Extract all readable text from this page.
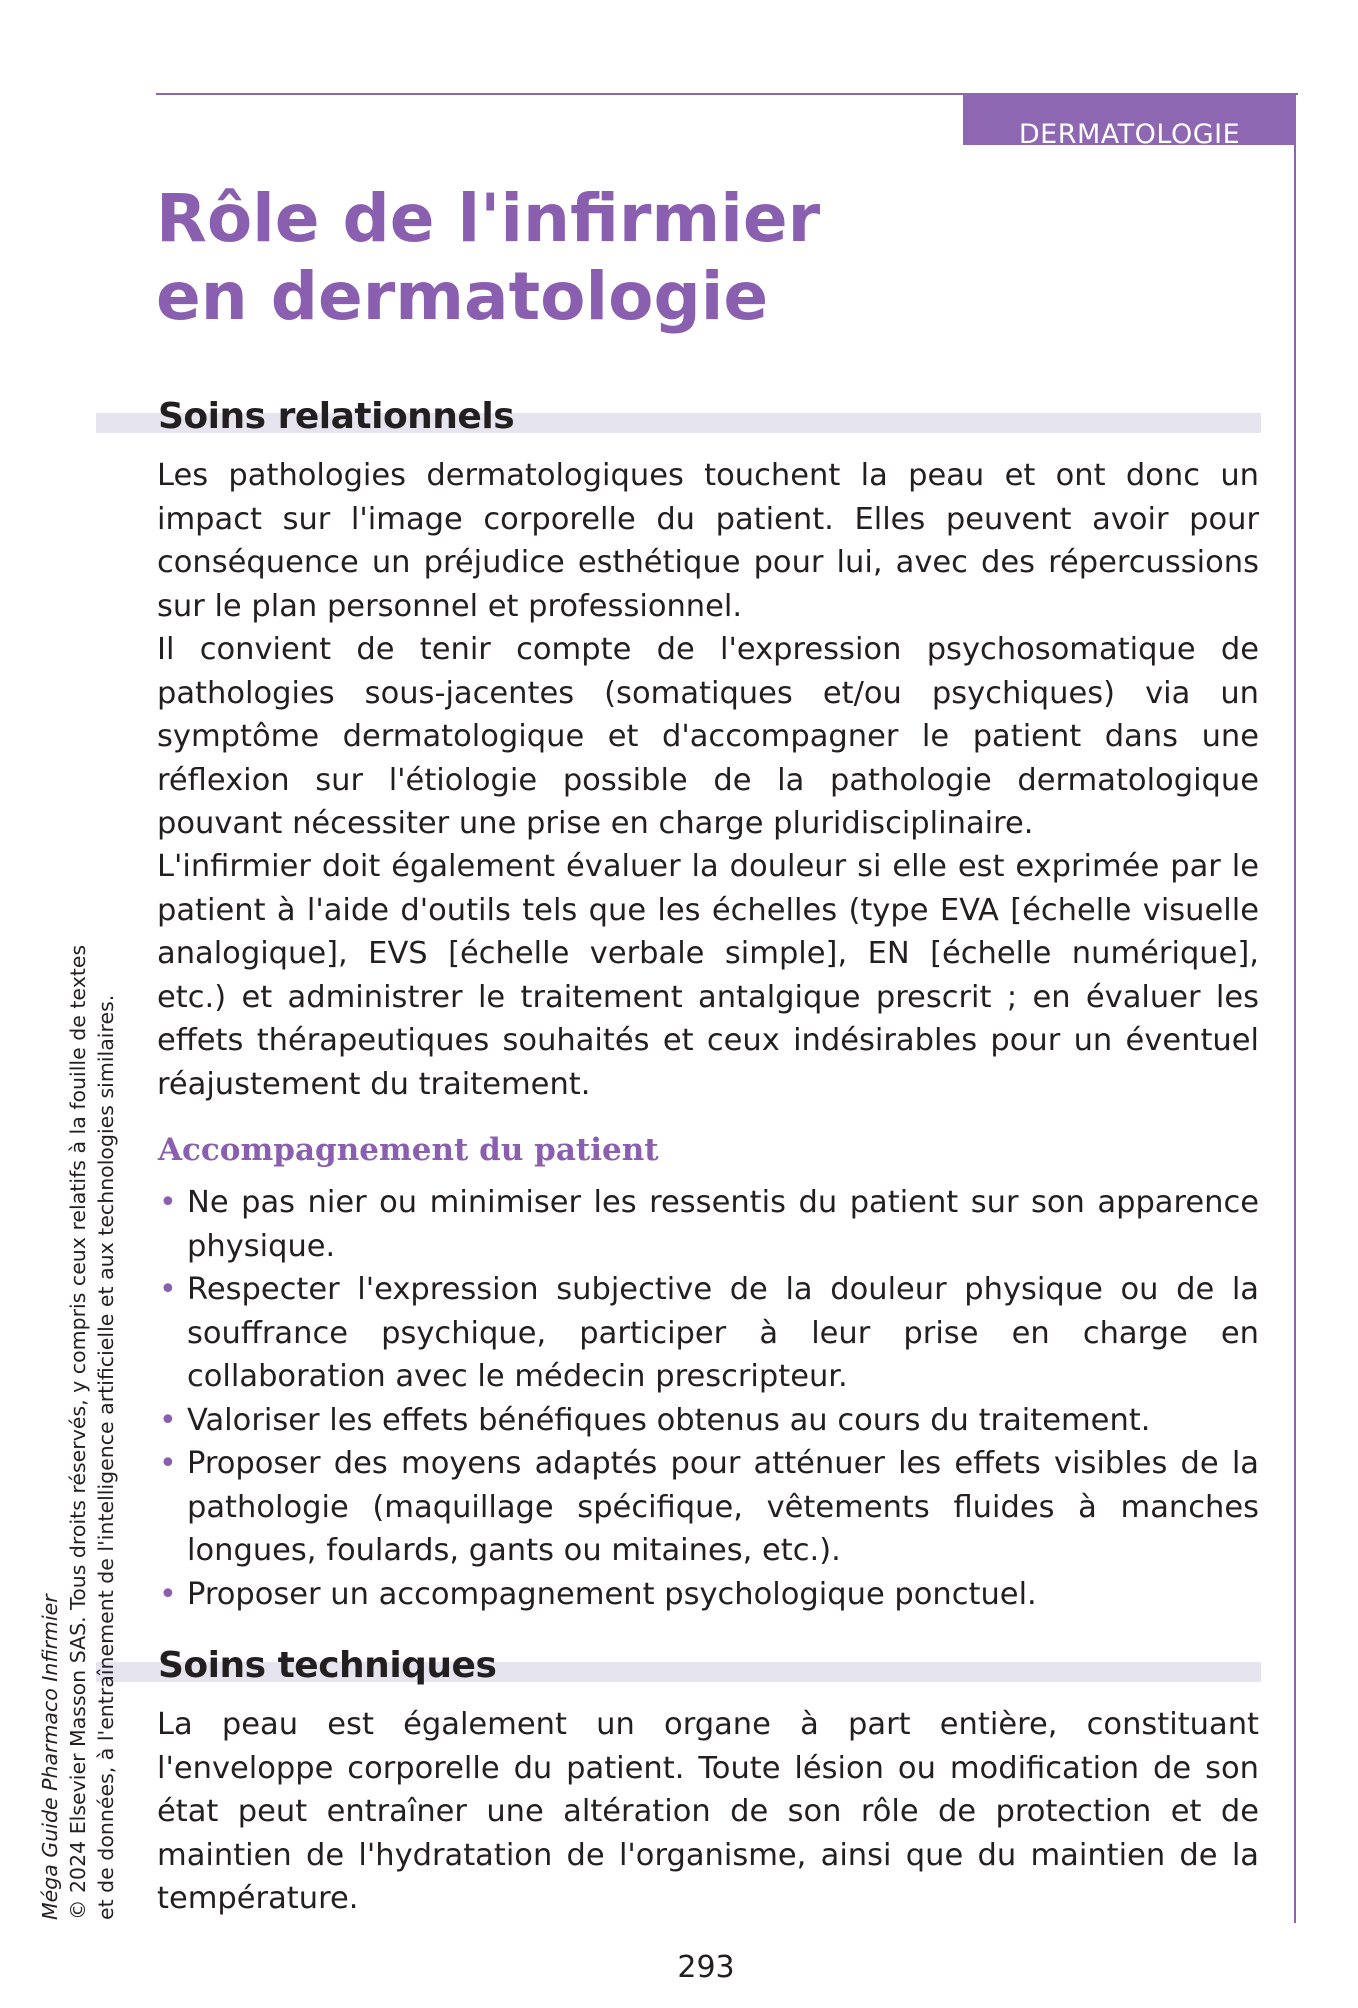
DERMATOLOGIE
Rôle de l'infirmier
en dermatologie
Soins relationnels

Les pathologies dermatologiques touchent la peau et ont donc un impact sur l'image corporelle du patient. Elles peuvent avoir pour conséquence un préjudice esthétique pour lui, avec des répercussions sur le plan personnel et professionnel.

Il convient de tenir compte de l'expression psychosomatique de pathologies sous-jacentes (somatiques et/ou psychiques) via un symptôme dermatologique et d'accompagner le patient dans une réflexion sur l'étiologie possible de la pathologie dermatologique pouvant nécessiter une prise en charge pluridisciplinaire.

L'infirmier doit également évaluer la douleur si elle est exprimée par le patient à l'aide d'outils tels que les échelles (type EVA [échelle visuelle analogique], EVS [échelle verbale simple], EN [échelle numérique], etc.) et administrer le traitement antalgique prescrit ; en évaluer les effets thérapeutiques souhaités et ceux indésirables pour un éventuel réajustement du traitement.

Accompagnement du patient
• Ne pas nier ou minimiser les ressentis du patient sur son apparence physique.
• Respecter l'expression subjective de la douleur physique ou de la souffrance psychique, participer à leur prise en charge en collaboration avec le médecin prescripteur.
• Valoriser les effets bénéfiques obtenus au cours du traitement.
• Proposer des moyens adaptés pour atténuer les effets visibles de la pathologie (maquillage spécifique, vêtements fluides à manches longues, foulards, gants ou mitaines, etc.).
• Proposer un accompagnement psychologique ponctuel.
Soins techniques

La peau est également un organe à part entière, constituant l'enveloppe corporelle du patient. Toute lésion ou modification de son état peut entraîner une altération de son rôle de protection et de maintien de l'hydratation de l'organisme, ainsi que du maintien de la température.

293
Méga Guide Pharmaco Infirmier © 2024 Elsevier Masson SAS. Tous droits réservés, y compris ceux relatifs à la fouille de textes et de données, à l'entraînement de l'intelligence artificielle et aux technologies similaires.
